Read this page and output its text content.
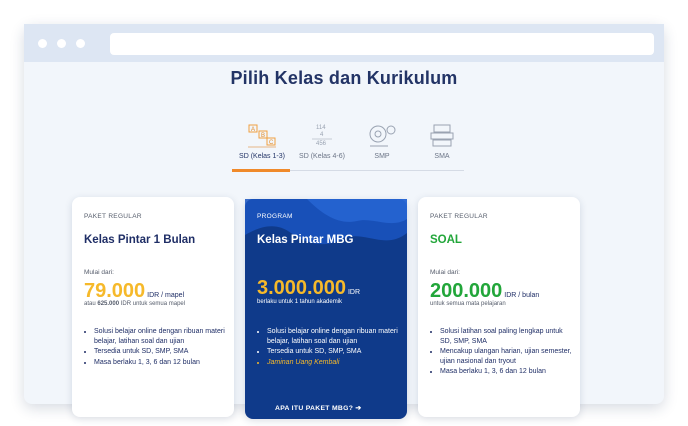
Pilih Kelas dan Kurikulum
A
B
C
SD (Kelas 1-3)
114
4
456
SD (Kelas 4-6)	SMP	SMA
PAKET REGULAR
Kelas Pintar 1 Bulan
Mulai dari:
79.000 IDR / mapel
atau 625.000 IDR untuk semua mapel
• Solusi belajar online dengan ribuan materi belajar, latihan soal dan ujian
• Tersedia untuk SD, SMP, SMA
• Masa berlaku 1, 3, 6 dan 12 bulan
PROGRAM
Kelas Pintar MBG
3.000.000 IDR
berlaku untuk 1 tahun akademik
• Solusi belajar online dengan ribuan materi belajar, latihan soal dan ujian
• Tersedia untuk SD, SMP, SMA
• Jaminan Uang Kembali
APA ITU PAKET MBG? ➔
PAKET REGULAR
SOAL
Mulai dari:
200.000 IDR / bulan
untuk semua mata pelajaran
• Solusi latihan soal paling lengkap untuk SD, SMP, SMA
• Mencakup ulangan harian, ujian semester, ujian nasional dan tryout
• Masa berlaku 1, 3, 6 dan 12 bulan
